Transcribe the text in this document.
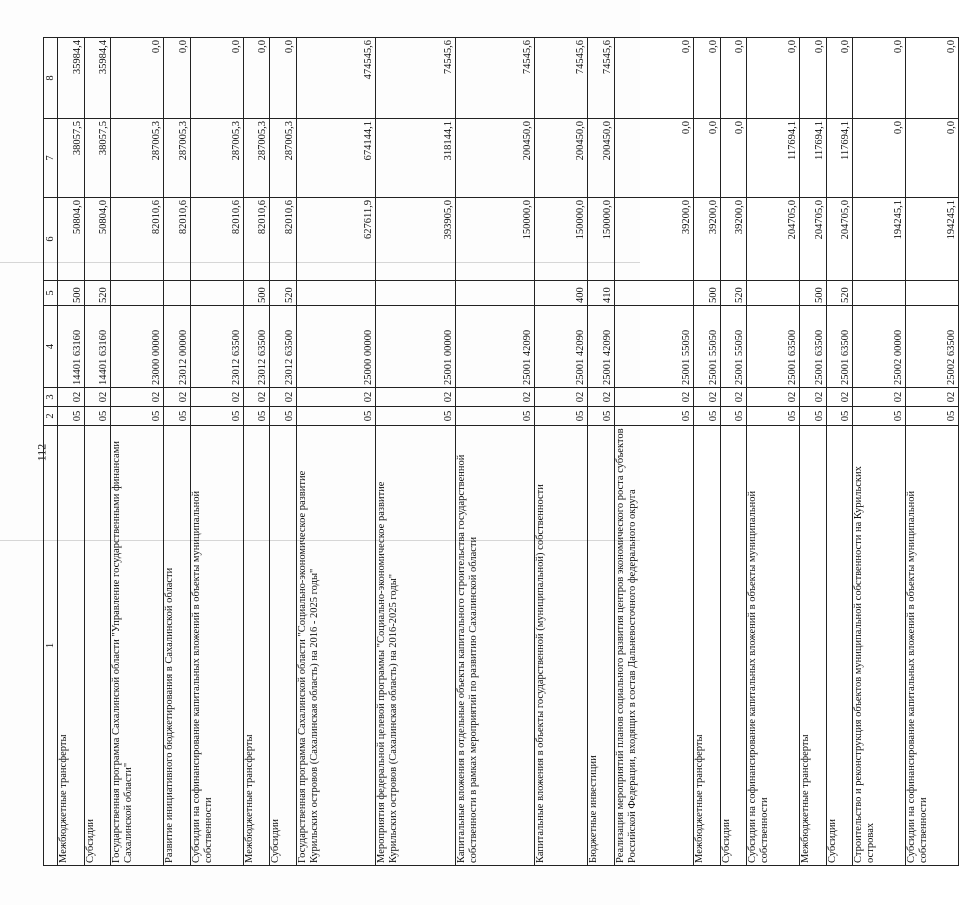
112
1	2	3	4	5	6	7	8
Межбюджетные трансферты	05	02	14401 63160	500	50804,0	38057,5	35984,4
Субсидии	05	02	14401 63160	520	50804,0	38057,5	35984,4
Государственная программа Сахалинской области "Управление государственными финансами Сахалинской области"	05	02	23000 00000		82010,6	287005,3	0,0
Развитие инициативного бюджетирования в Сахалинской области	05	02	23012 00000		82010,6	287005,3	0,0
Субсидии на софинансирование капитальных вложений в объекты муниципальной собственности	05	02	23012 63500		82010,6	287005,3	0,0
Межбюджетные трансферты	05	02	23012 63500	500	82010,6	287005,3	0,0
Субсидии	05	02	23012 63500	520	82010,6	287005,3	0,0
Государственная программа Сахалинской области "Социально-экономическое развитие Курильских островов (Сахалинская область) на 2016 - 2025 годы"	05	02	25000 00000		627611,9	674144,1	474545,6
Мероприятия федеральной целевой программы "Социально-экономическое развитие Курильских островов (Сахалинская область) на 2016-2025 годы"	05	02	25001 00000		393905,0	318144,1	74545,6
Капитальные вложения в отдельные объекты капитального строительства государственной собственности в рамках мероприятий по развитию Сахалинской области	05	02	25001 42090		150000,0	200450,0	74545,6
Капитальные вложения в объекты государственной (муниципальной) собственности	05	02	25001 42090	400	150000,0	200450,0	74545,6
Бюджетные инвестиции	05	02	25001 42090	410	150000,0	200450,0	74545,6
Реализация мероприятий планов социального развития центров экономического роста субъектов Российской Федерации, входящих в состав Дальневосточного федерального округа	05	02	25001 55050		39200,0	0,0	0,0
Межбюджетные трансферты	05	02	25001 55050	500	39200,0	0,0	0,0
Субсидии	05	02	25001 55050	520	39200,0	0,0	0,0
Субсидии на софинансирование капитальных вложений в объекты муниципальной собственности	05	02	25001 63500		204705,0	117694,1	0,0
Межбюджетные трансферты	05	02	25001 63500	500	204705,0	117694,1	0,0
Субсидии	05	02	25001 63500	520	204705,0	117694,1	0,0
Строительство и реконструкция объектов муниципальной собственности на Курильских островах	05	02	25002 00000		194245,1	0,0	0,0
Субсидии на софинансирование капитальных вложений в объекты муниципальной собственности	05	02	25002 63500		194245,1	0,0	0,0
